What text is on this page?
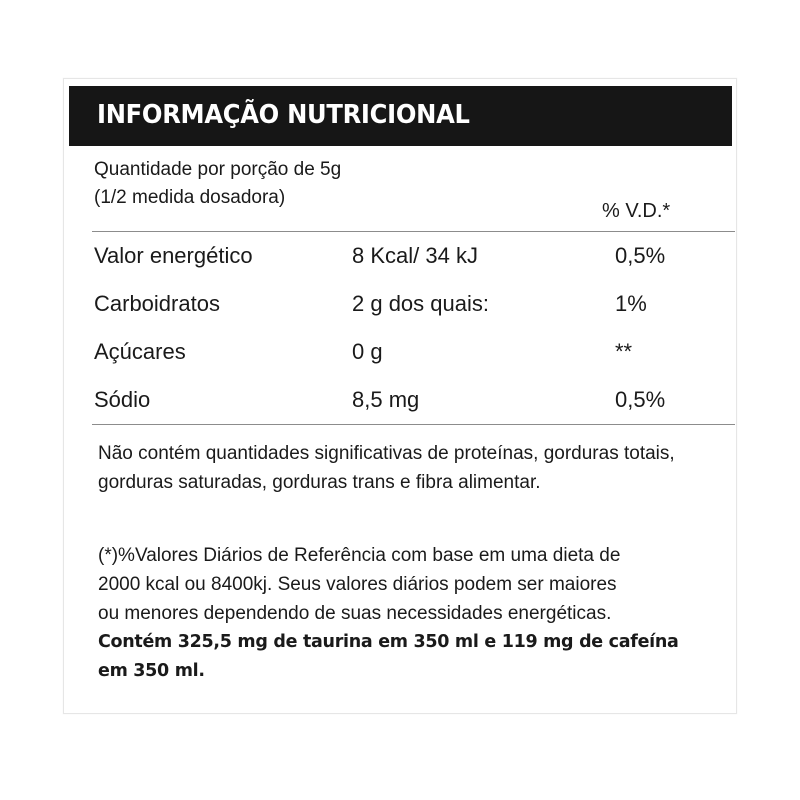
INFORMAÇÃO NUTRICIONAL
Quantidade por porção de 5g
(1/2 medida dosadora)
% V.D.*
Valor energético	8 Kcal/ 34 kJ	0,5%
Carboidratos	2 g dos quais:	1%
Açúcares	0 g	**
Sódio	8,5 mg	0,5%

Não contém quantidades significativas de proteínas, gorduras totais, gorduras saturadas, gorduras trans e fibra alimentar.

(*)%Valores Diários de Referência com base em uma dieta de

2000 kcal ou 8400kj. Seus valores diários podem ser maiores

ou menores dependendo de suas necessidades energéticas.

Contém 325,5 mg de taurina em 350 ml e 119 mg de cafeína

em 350 ml.
